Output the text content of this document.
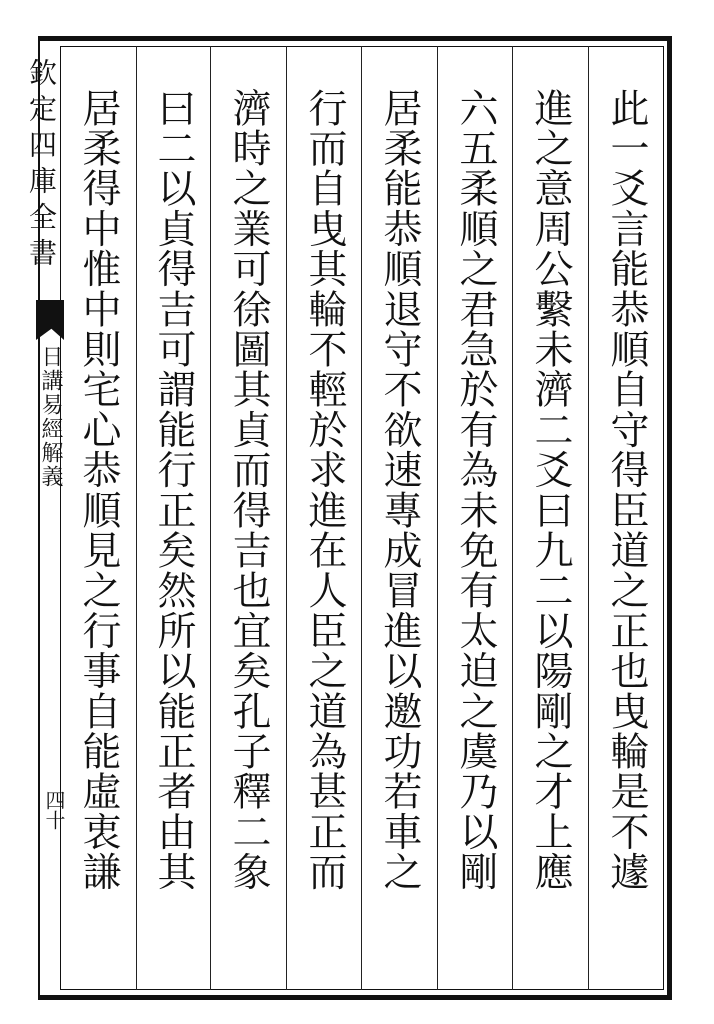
欽定四庫全書
日講易經解義
四十	此一爻言能恭順自守得臣道之正也曳輪是不遽
進之意周公繫未濟二爻曰九二以陽剛之才上應
六五柔順之君急於有為未免有太迫之虞乃以剛
居柔能恭順退守不欲速專成冒進以邀功若車之
行而自曳其輪不輕於求進在人臣之道為甚正而
濟時之業可徐圖其貞而得吉也宜矣孔子釋二象
曰二以貞得吉可謂能行正矣然所以能正者由其
居柔得中惟中則宅心恭順見之行事自能虛衷謙
